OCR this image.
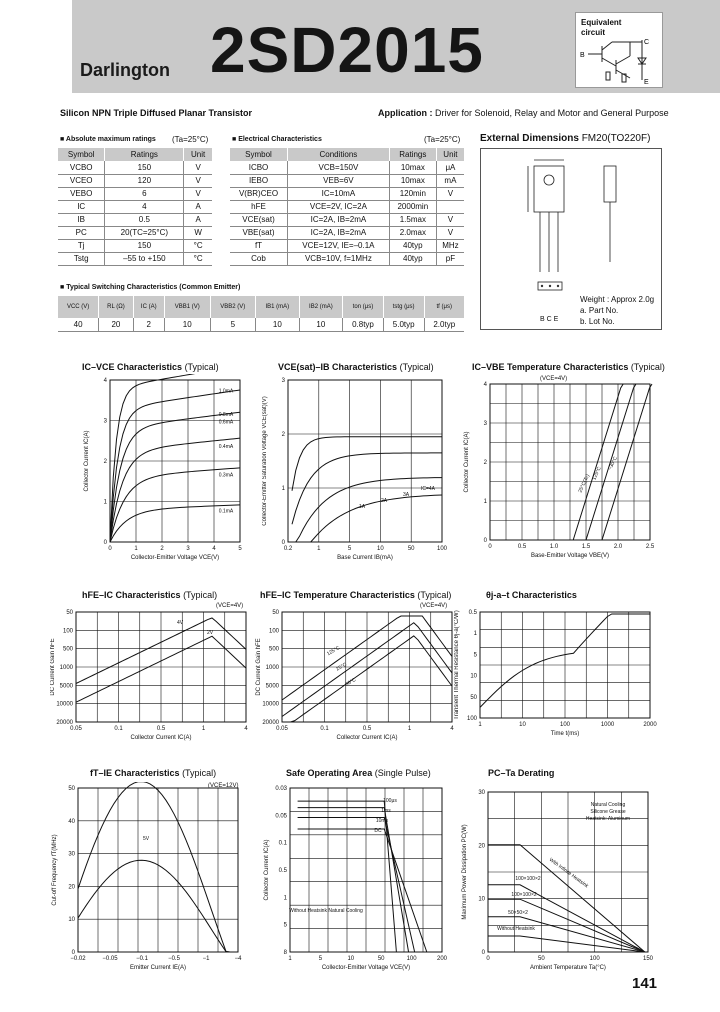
Darlington 2SD2015	Equivalent circuit
B
C
E
Silicon NPN Triple Diffused Planar Transistor	Application : Driver for Solenoid, Relay and Motor and General Purpose
■ Absolute maximum ratings (Ta=25°C)
Symbol	Ratings	Unit
VCBO	150	V
VCEO	120	V
VEBO	6	V
IC	4	A
IB	0.5	A
PC	20(TC=25°C)	W
Tj	150	°C
Tstg	–55 to +150	°C
■ Electrical Characteristics	(Ta=25°C)
Symbol	Conditions	Ratings	Unit
ICBO	VCB=150V	10max	μA
IEBO	VEB=6V	10max	mA
V(BR)CEO	IC=10mA	120min	V
hFE	VCE=2V, IC=2A	2000min	
VCE(sat)	IC=2A, IB=2mA	1.5max	V
VBE(sat)	IC=2A, IB=2mA	2.0max	V
fT	VCE=12V, IE=–0.1A	40typ	MHz
Cob	VCB=10V, f=1MHz	40typ	pF
■ Typical Switching Characteristics (Common Emitter)
VCC (V)	RL (Ω)	IC (A)	VBB1 (V)	VBB2 (V)	IB1 (mA)	IB2 (mA)	ton (μs)	tstg (μs)	tf (μs)
40	20	2	10	5	10	10	0.8typ	5.0typ	2.0typ
External Dimensions FM20(TO220F)
Weight : Approx 2.0g
a. Part No.
b. Lot No.
B C E
IC–VCE Characteristics (Typical)	VCE(sat)–IB Characteristics (Typical)	IC–VBE Temperature Characteristics (Typical)
hFE–IC Characteristics (Typical)	hFE–IC Temperature Characteristics (Typical)	θj-a–t Characteristics
fT–IE Characteristics (Typical)	Safe Operating Area (Single Pulse)	PC–Ta Derating
(VCE=4V)
(VCE=4V)	(VCE=4V)
(VCE=12V)
0	1	2	3	4	5
0
1
2
3
4
Collector-Emitter Voltage VCE(V)
Collector Current IC(A)
1.0mA
0.8mA
0.6mA
0.4mA
0.3mA
0.1mA
0.2	1	5	10	50	100
0
1
2
3
Base Current IB(mA)
Collector-Emitter Saturation Voltage VCE(sat)(V)	IC=4A
3A
2A
1A
0	0.5	1.0	1.5	2.0	2.5
0
1
2
3
4
Base-Emitter Voltage VBE(V)
Collector Current IC(A)	25°C(Tc) 125°C
−30°C
0.05	0.1	0.5	1	4
20000
10000
5000
1000
500
100
50
Collector Current IC(A)
DC Current Gain hFE
4V
2V
0.05	0.1	0.5	1	4
20000
10000
5000
1000
500
100
50
Collector Current IC(A)
DC Current Gain hFE	125°C
25°C
−30°C
1	10	100	1000	2000
100
50
10
5
1
0.5
Time t(ms)
Transient Thermal Resistance θj-a(°C/W)
−0.02	−0.05	−0.1	−0.5	−1	−4
0
10
20
30
40
50
Emitter Current IE(A)
Cut-off Frequency fT(MHz)	5V
1	5	10	50	100	200
8
5
1
0.5
0.1
0.05
0.03
Collector-Emitter Voltage VCE(V)
Collector Current IC(A)
100μs
1ms
10ms
DC
Without Heatsink Natural Cooling
0	50	100	150
0
10
20
30
Ambient Temperature Ta(°C)
Maximum Power Dissipation PC(W)	With Infinite Heatsink
100×100×2
100×100×2
50×50×2
Without Heatsink
Natural Cooling
Silicone Grease
Heatsink: Aluminum
141
